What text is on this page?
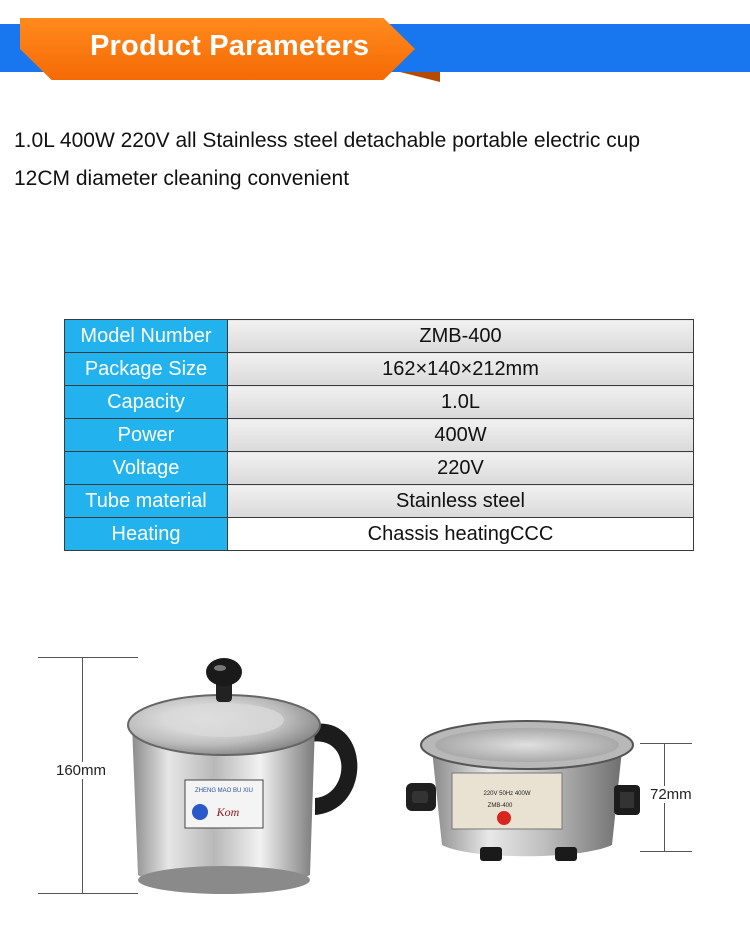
Product Parameters
1.0L 400W 220V all Stainless steel detachable portable electric cup
12CM diameter cleaning convenient
Model Number	ZMB-400
Package Size	162×140×212mm
Capacity	1.0L
Power	400W
Voltage	220V
Tube material	Stainless steel
Heating	Chassis heatingCCC
160mm
ZHENG MAO BU XIU
Kom
72mm
220V 50Hz 400W
ZMB-400
